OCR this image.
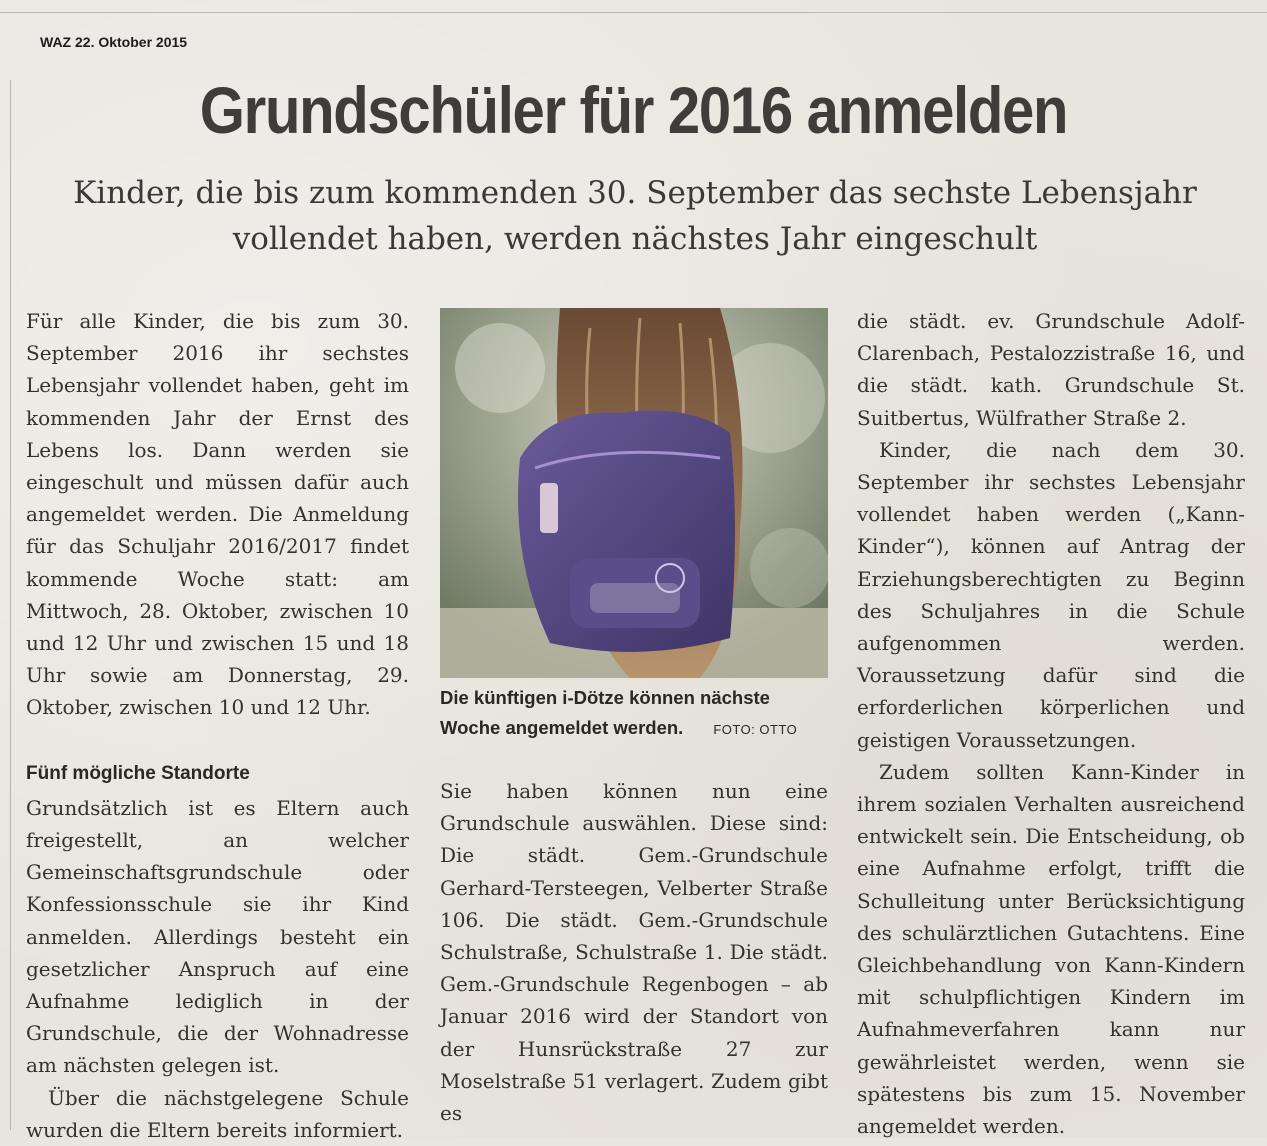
WAZ 22. Oktober 2015
Grundschüler für 2016 anmelden
Kinder, die bis zum kommenden 30. September das sechste Lebensjahr vollendet haben, werden nächstes Jahr eingeschult

Für alle Kinder, die bis zum 30. September 2016 ihr sechstes Lebensjahr vollendet haben, geht im kommenden Jahr der Ernst des Lebens los. Dann werden sie eingeschult und müssen dafür auch angemeldet werden. Die Anmeldung für das Schuljahr 2016/2017 findet kommende Woche statt: am Mittwoch, 28. Oktober, zwischen 10 und 12 Uhr und zwischen 15 und 18 Uhr sowie am Donnerstag, 29. Oktober, zwischen 10 und 12 Uhr.

Fünf mögliche Standorte

Grundsätzlich ist es Eltern auch freigestellt, an welcher Gemeinschaftsgrundschule oder Konfessionsschule sie ihr Kind anmelden. Allerdings besteht ein gesetzlicher Anspruch auf eine Aufnahme lediglich in der Grundschule, die der Wohnadresse am nächsten gelegen ist.

Über die nächstgelegene Schule wurden die Eltern bereits informiert.

Die künftigen i-Dötze können nächste Woche angemeldet werden. FOTO: OTTO

Sie haben können nun eine Grundschule auswählen. Diese sind: Die städt. Gem.-Grundschule Gerhard-Tersteegen, Velberter Straße 106. Die städt. Gem.-Grundschule Schulstraße, Schulstraße 1. Die städt. Gem.-Grundschule Regenbogen – ab Januar 2016 wird der Standort von der Hunsrückstraße 27 zur Moselstraße 51 verlagert. Zudem gibt es

die städt. ev. Grundschule Adolf-Clarenbach, Pestalozzistraße 16, und die städt. kath. Grundschule St. Suitbertus, Wülfrather Straße 2.

Kinder, die nach dem 30. September ihr sechstes Lebensjahr vollendet haben werden („Kann-Kinder“), können auf Antrag der Erziehungsberechtigten zu Beginn des Schuljahres in die Schule aufgenommen werden. Voraussetzung dafür sind die erforderlichen körperlichen und geistigen Voraussetzungen.

Zudem sollten Kann-Kinder in ihrem sozialen Verhalten ausreichend entwickelt sein. Die Entscheidung, ob eine Aufnahme erfolgt, trifft die Schulleitung unter Berücksichtigung des schulärztlichen Gutachtens. Eine Gleichbehandlung von Kann-Kindern mit schulpflichtigen Kindern im Aufnahmeverfahren kann nur gewährleistet werden, wenn sie spätestens bis zum 15. November angemeldet werden.
